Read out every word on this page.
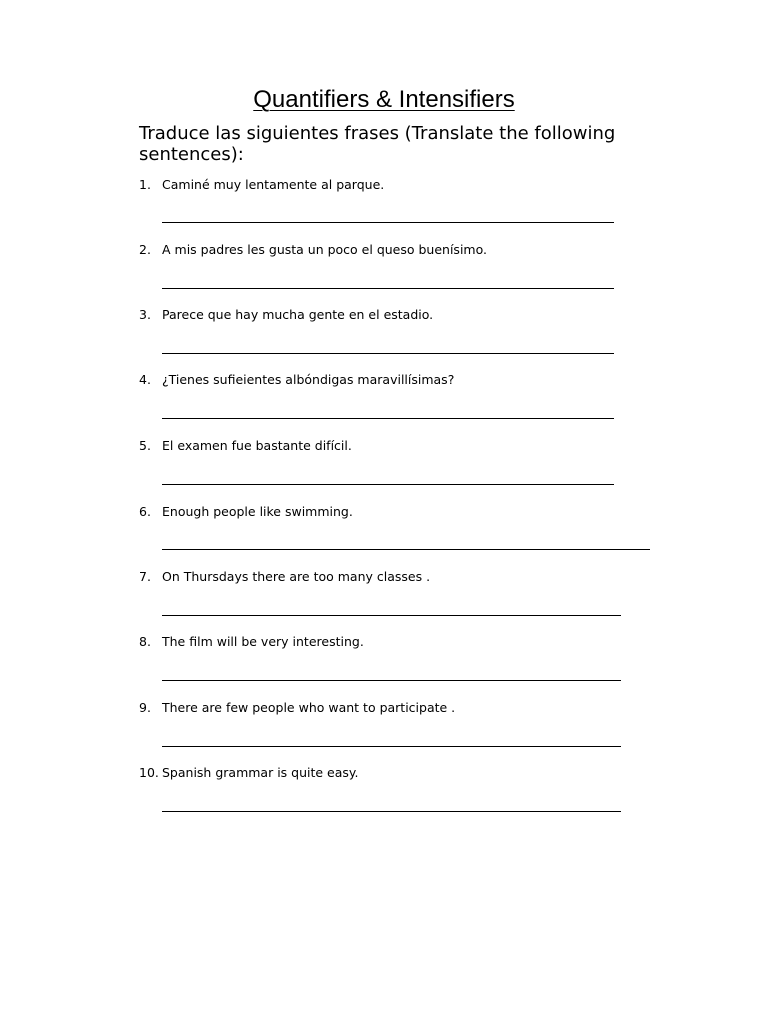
Quantifiers & Intensifiers
Traduce las siguientes frases (Translate the following sentences):
1. Caminé muy lentamente al parque.
2. A mis padres les gusta un poco el queso buenísimo.
3. Parece que hay mucha gente en el estadio.
4. ¿Tienes sufieientes albóndigas maravillísimas?
5. El examen fue bastante difícil.
6. Enough people like swimming.
7. On Thursdays there are too many classes .
8. The film will be very interesting.
9. There are few people who want to participate .
10. Spanish grammar is quite easy.
